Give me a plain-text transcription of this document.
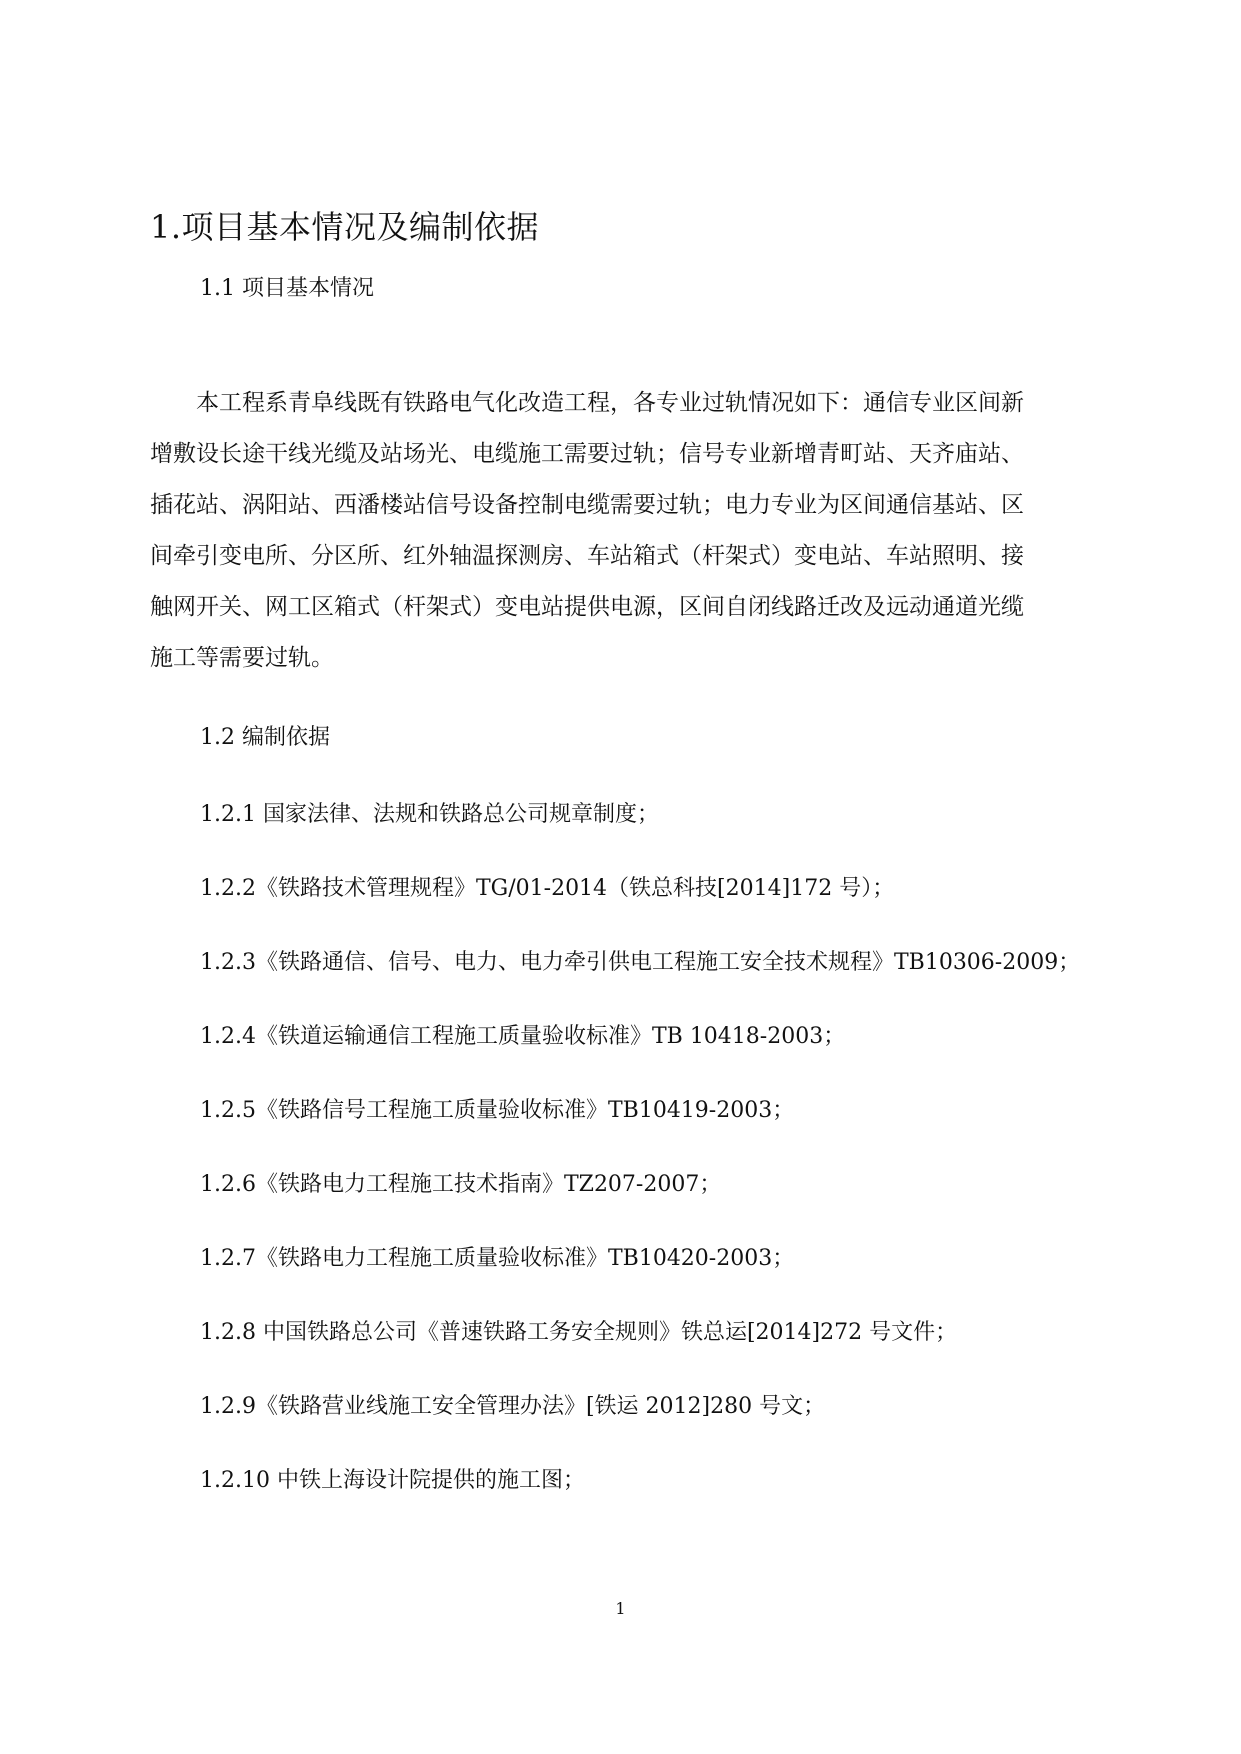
1.项目基本情况及编制依据
1.1 项目基本情况
本工程系青阜线既有铁路电气化改造工程，各专业过轨情况如下：通信专业区间新
增敷设长途干线光缆及站场光、电缆施工需要过轨；信号专业新增青町站、天齐庙站、
插花站、涡阳站、西潘楼站信号设备控制电缆需要过轨；电力专业为区间通信基站、区
间牵引变电所、分区所、红外轴温探测房、车站箱式（杆架式）变电站、车站照明、接
触网开关、网工区箱式（杆架式）变电站提供电源，区间自闭线路迁改及远动通道光缆
施工等需要过轨。
1.2 编制依据
1.2.1 国家法律、法规和铁路总公司规章制度；
1.2.2《铁路技术管理规程》TG/01-2014（铁总科技[2014]172 号）；
1.2.3《铁路通信、信号、电力、电力牵引供电工程施工安全技术规程》TB10306-2009；
1.2.4《铁道运输通信工程施工质量验收标准》TB 10418-2003；
1.2.5《铁路信号工程施工质量验收标准》TB10419-2003；
1.2.6《铁路电力工程施工技术指南》TZ207-2007；
1.2.7《铁路电力工程施工质量验收标准》TB10420-2003；
1.2.8 中国铁路总公司《普速铁路工务安全规则》铁总运[2014]272 号文件；
1.2.9《铁路营业线施工安全管理办法》[铁运 2012]280 号文；
1.2.10 中铁上海设计院提供的施工图；
1
